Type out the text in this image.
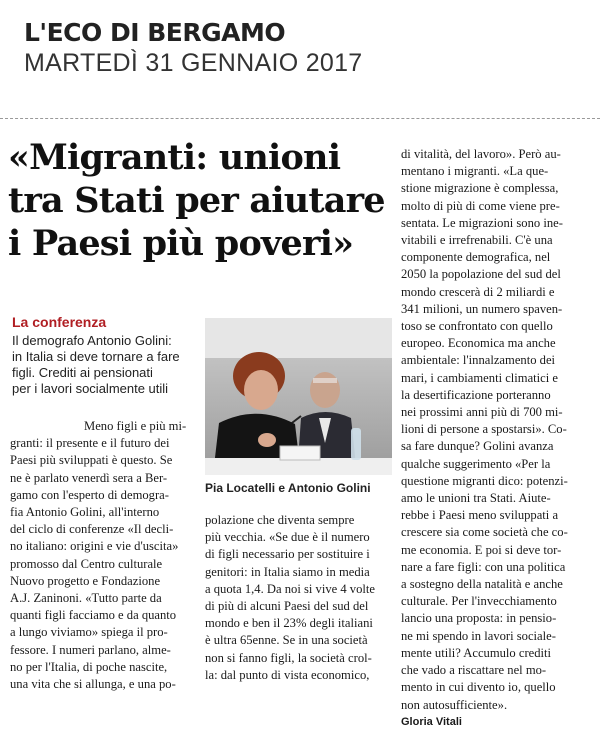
L'ECO DI BERGAMO
MARTEDÌ 31 GENNAIO 2017
«Migranti: unioni
tra Stati per aiutare
i Paesi più poveri»
La conferenza
Il demografo Antonio Golini:
in Italia si deve tornare a fare
figli. Crediti ai pensionati
per i lavori socialmente utili
Pia Locatelli e Antonio Golini
Meno figli e più mi-
granti: il presente e il futuro dei
Paesi più sviluppati è questo. Se
ne è parlato venerdì sera a Ber-
gamo con l'esperto di demogra-
fia Antonio Golini, all'interno
del ciclo di conferenze «Il decli-
no italiano: origini e vie d'uscita»
promosso dal Centro culturale
Nuovo progetto e Fondazione
A.J. Zaninoni. «Tutto parte da
quanti figli facciamo e da quanto
a lungo viviamo» spiega il pro-
fessore. I numeri parlano, alme-
no per l'Italia, di poche nascite,
una vita che si allunga, e una po-
polazione che diventa sempre
più vecchia. «Se due è il numero
di figli necessario per sostituire i
genitori: in Italia siamo in media
a quota 1,4. Da noi si vive 4 volte
di più di alcuni Paesi del sud del
mondo e ben il 23% degli italiani
è ultra 65enne. Se in una società
non si fanno figli, la società crol-
la: dal punto di vista economico,
di vitalità, del lavoro». Però au-
mentano i migranti. «La que-
stione migrazione è complessa,
molto di più di come viene pre-
sentata. Le migrazioni sono ine-
vitabili e irrefrenabili. C'è una
componente demografica, nel
2050 la popolazione del sud del
mondo crescerà di 2 miliardi e
341 milioni, un numero spaven-
toso se confrontato con quello
europeo. Economica ma anche
ambientale: l'innalzamento dei
mari, i cambiamenti climatici e
la desertificazione porteranno
nei prossimi anni più di 700 mi-
lioni di persone a spostarsi». Co-
sa fare dunque? Golini avanza
qualche suggerimento «Per la
questione migranti dico: potenzi-
amo le unioni tra Stati. Aiute-
rebbe i Paesi meno sviluppati a
crescere sia come società che co-
me economia. E poi si deve tor-
nare a fare figli: con una politica
a sostegno della natalità e anche
culturale. Per l'invecchiamento
lancio una proposta: in pensio-
ne mi spendo in lavori sociale-
mente utili? Accumulo crediti
che vado a riscattare nel mo-
mento in cui divento io, quello
non autosufficiente».
Gloria Vitali
